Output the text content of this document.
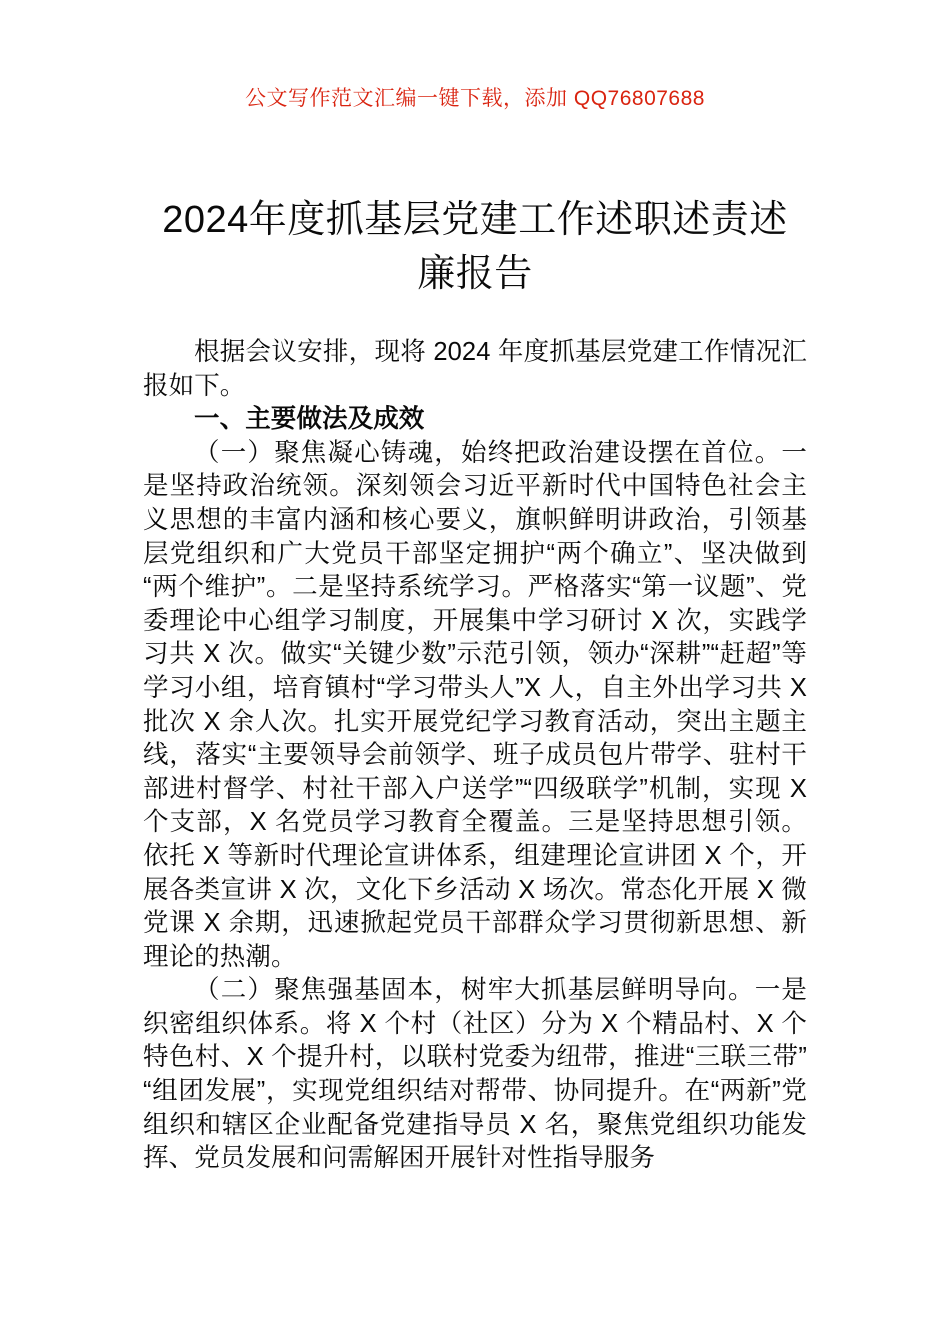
公文写作范文汇编一键下载，添加 QQ76807688
2024年度抓基层党建工作述职述责述廉报告

根据会议安排，现将 2024 年度抓基层党建工作情况汇报如下。

一、主要做法及成效

（一）聚焦凝心铸魂，始终把政治建设摆在首位。一是坚持政治统领。深刻领会习近平新时代中国特色社会主义思想的丰富内涵和核心要义，旗帜鲜明讲政治，引领基层党组织和广大党员干部坚定拥护“两个确立”、坚决做到“两个维护”。二是坚持系统学习。严格落实“第一议题”、党委理论中心组学习制度，开展集中学习研讨 X 次，实践学习共 X 次。做实“关键少数”示范引领，领办“深耕”“赶超”等学习小组，培育镇村“学习带头人”X 人，自主外出学习共 X 批次 X 余人次。扎实开展党纪学习教育活动，突出主题主线，落实“主要领导会前领学、班子成员包片带学、驻村干部进村督学、村社干部入户送学”“四级联学”机制，实现 X 个支部，X 名党员学习教育全覆盖。三是坚持思想引领。依托 X 等新时代理论宣讲体系，组建理论宣讲团 X 个，开展各类宣讲 X 次，文化下乡活动 X 场次。常态化开展 X 微党课 X 余期，迅速掀起党员干部群众学习贯彻新思想、新理论的热潮。

（二）聚焦强基固本，树牢大抓基层鲜明导向。一是织密组织体系。将 X 个村（社区）分为 X 个精品村、X 个特色村、X 个提升村，以联村党委为纽带，推进“三联三带”“组团发展”，实现党组织结对帮带、协同提升。在“两新”党组织和辖区企业配备党建指导员 X 名，聚焦党组织功能发挥、党员发展和问需解困开展针对性指导服务
